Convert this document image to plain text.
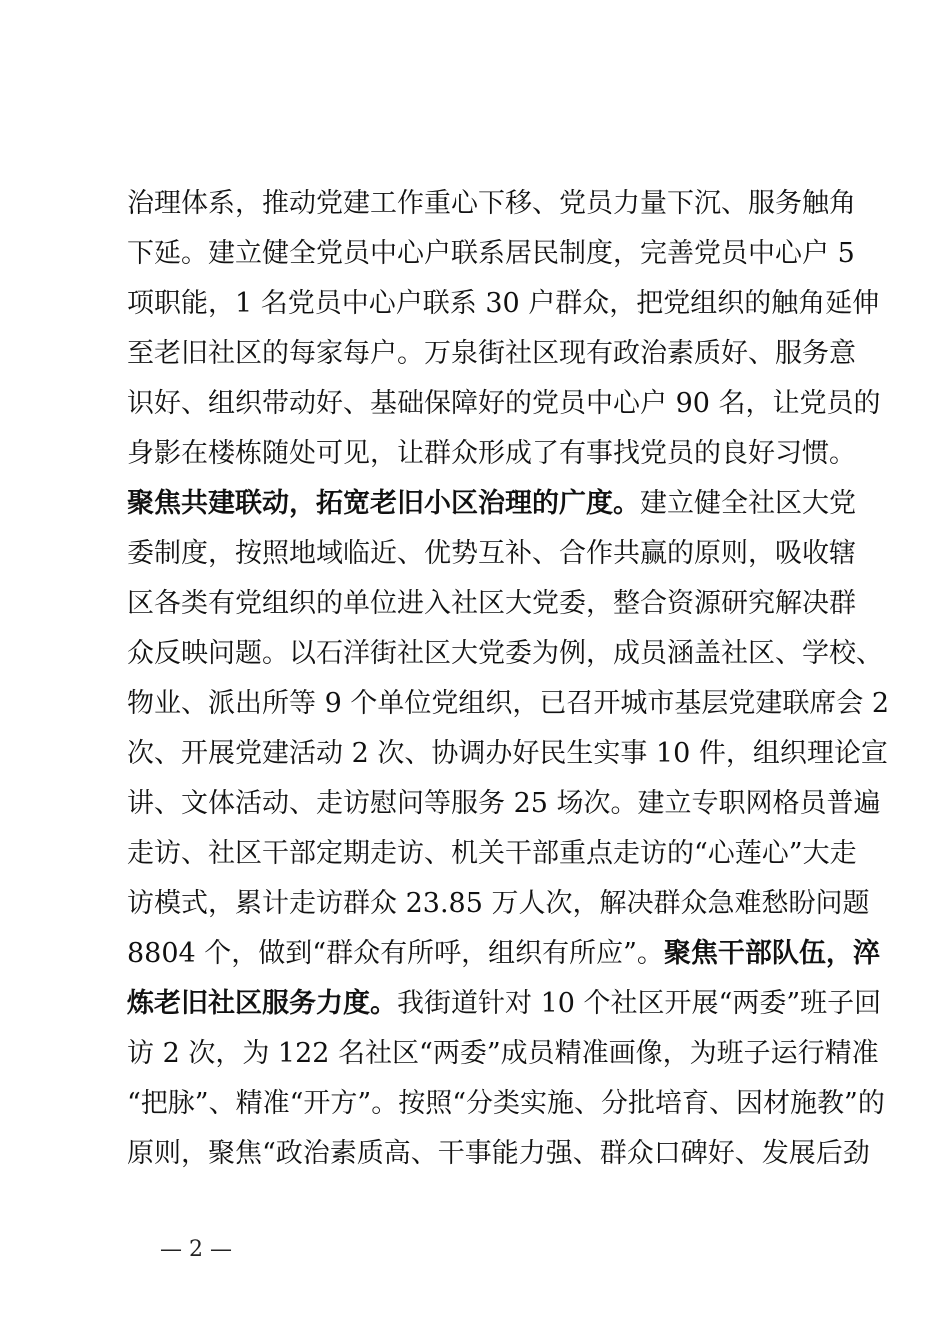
治理体系，推动党建工作重心下移、党员力量下沉、服务触角
下延。建立健全党员中心户联系居民制度，完善党员中心户 5
项职能，1 名党员中心户联系 30 户群众，把党组织的触角延伸
至老旧社区的每家每户。万泉街社区现有政治素质好、服务意
识好、组织带动好、基础保障好的党员中心户 90 名，让党员的
身影在楼栋随处可见，让群众形成了有事找党员的良好习惯。
聚焦共建联动，拓宽老旧小区治理的广度。建立健全社区大党
委制度，按照地域临近、优势互补、合作共赢的原则，吸收辖
区各类有党组织的单位进入社区大党委，整合资源研究解决群
众反映问题。以石洋街社区大党委为例，成员涵盖社区、学校、
物业、派出所等 9 个单位党组织，已召开城市基层党建联席会 2
次、开展党建活动 2 次、协调办好民生实事 10 件，组织理论宣
讲、文体活动、走访慰问等服务 25 场次。建立专职网格员普遍
走访、社区干部定期走访、机关干部重点走访的“心莲心”大走
访模式，累计走访群众 23.85 万人次，解决群众急难愁盼问题
8804 个，做到“群众有所呼，组织有所应”。聚焦干部队伍，淬
炼老旧社区服务力度。我街道针对 10 个社区开展“两委”班子回
访 2 次，为 122 名社区“两委”成员精准画像，为班子运行精准
“把脉”、精准“开方”。按照“分类实施、分批培育、因材施教”的
原则，聚焦“政治素质高、干事能力强、群众口碑好、发展后劲
— 2 —
